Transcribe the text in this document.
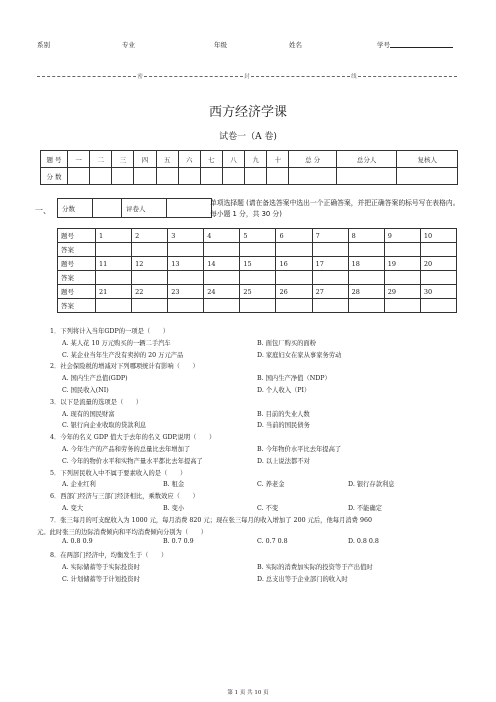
系别	专业	年级	姓名	学号
密	封	线
西方经济学课
试卷一（A 卷)
题 号	一	二	三	四	五	六	七	八	九	十	总 分	总分人	复核人
分 数													
一、 分数		评卷人	
单项选择题 (请在备选答案中选出一个正确答案，并把正确答案的标号写在表格内。每小题 1 分，共 30 分)
题号	1	2	3	4	5	6	7	8	9	10
答案										
题号	11	12	13	14	15	16	17	18	19	20
答案										
题号	21	22	23	24	25	26	27	28	29	30
答案										
1．下列将计入当年GDP的一项是（　　）
A. 某人花 10 万元购买的一辆二手汽车	B. 面包厂购买的面粉
C. 某企业当年生产没有卖掉的 20 万元产品	D. 家庭妇女在家从事家务劳动
2．社会保险税的增减对下列哪项统计有影响（　　）
A. 国内生产总值(GDP)	B. 国内生产净值（NDP）
C. 国民收入(NI)	D. 个人收入（PI）
3．以下是流量的选项是（　　）
A. 现有的国民财富	B. 目前的失业人数
C. 银行向企业收取的贷款利息	D. 当前的国民债务
4．今年的名义 GDP 值大于去年的名义 GDP,说明（　　）
A. 今年生产的产品和劳务的总量比去年增加了	B. 今年物价水平比去年提高了
C. 今年的物价水平和实物产量水平都比去年提高了	D. 以上说法都不对
5．下列居民收入中不属于要素收入的是（　　）
A. 企业红利	B. 租金	C. 养老金	D. 银行存款利息
6．西部门经济与三部门经济相比，乘数效应（　　）
A. 变大	B. 变小	C. 不变	D. 不能确定
7．张三每月的可支配收入为 1000 元，每月消费 820 元；现在张三每月的收入增加了 200 元后，他每月消费 960
元。此时张三的边际消费倾向和平均消费倾向分别为（　　）
A. 0.8 0.9	B. 0.7 0.9	C. 0.7 0.8	D. 0.8 0.8
8．在两部门经济中，均衡发生于（　　）
A. 实际储蓄等于实际投资时	B. 实际的消费加实际的投资等于产出值时
C. 计划储蓄等于计划投资时	D. 总支出等于企业部门的收入时
第 1 页 共 10 页
